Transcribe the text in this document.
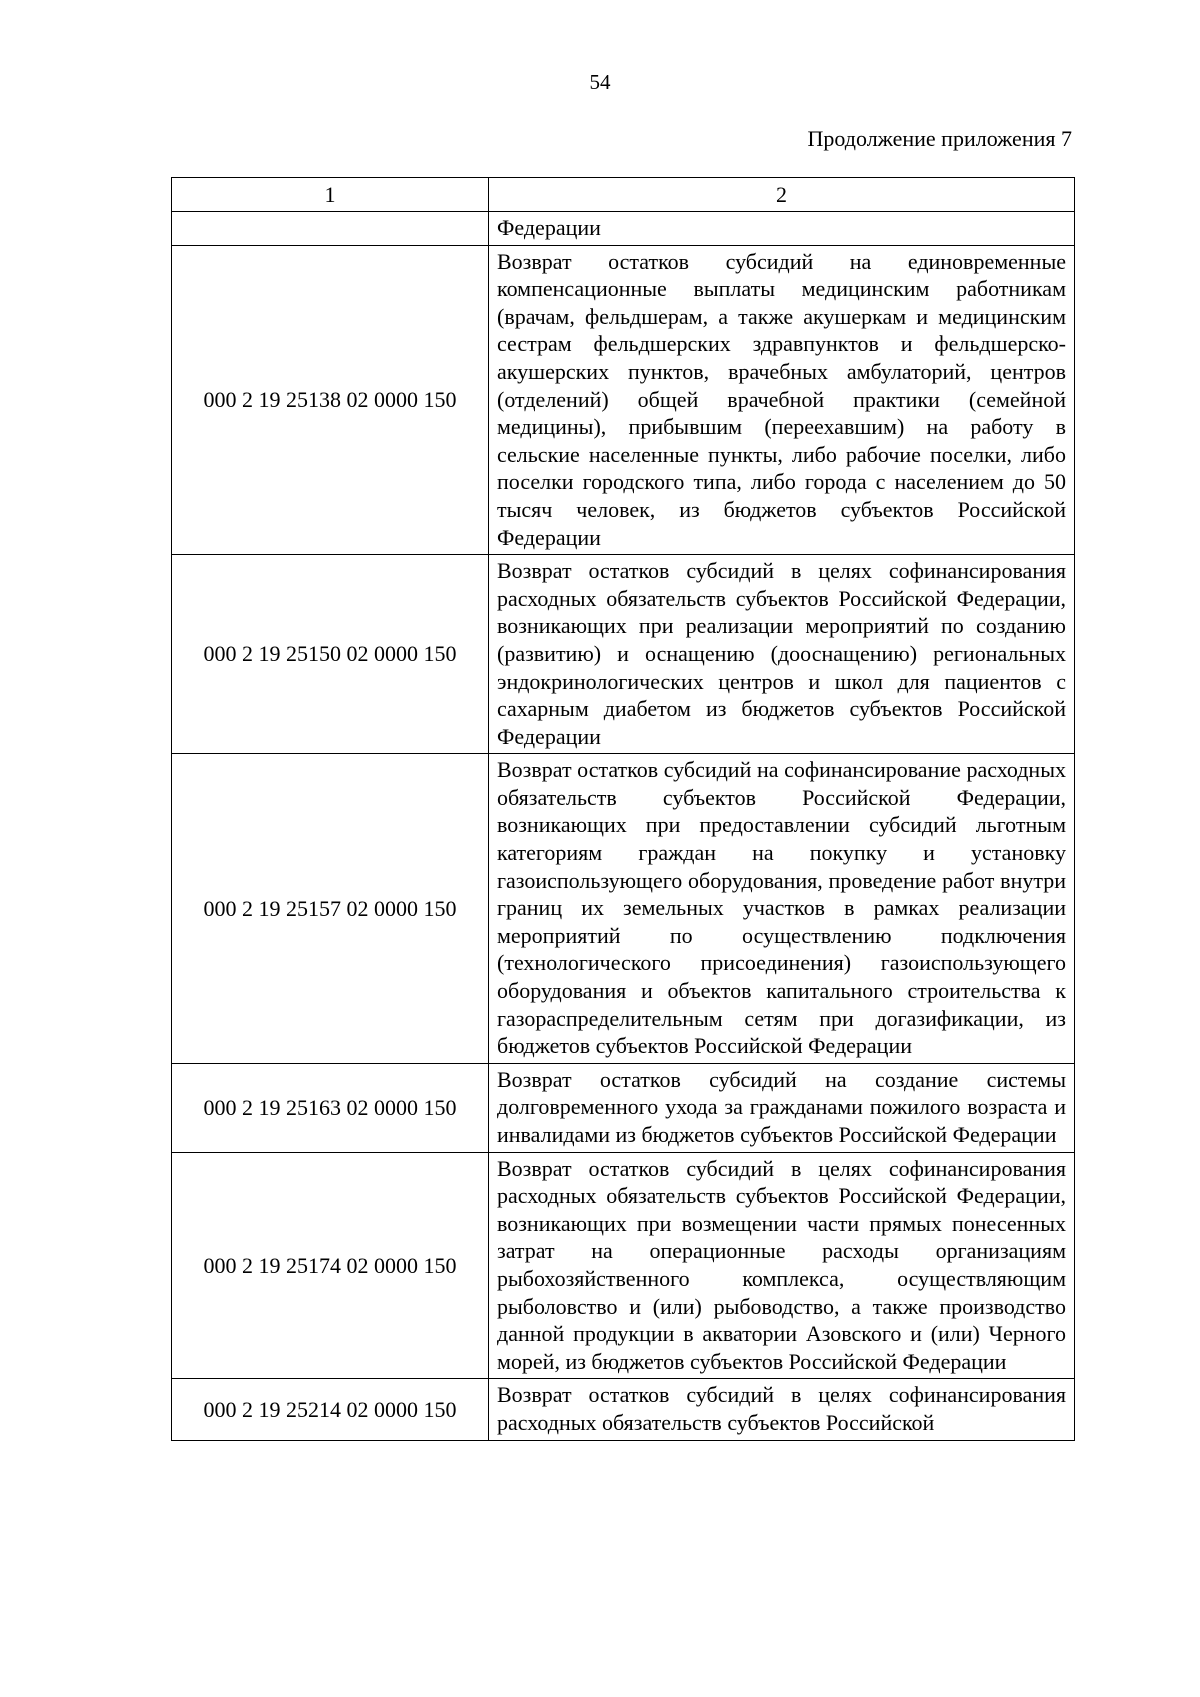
54
Продолжение приложения 7
1	2
	Федерации
000 2 19 25138 02 0000 150	Возврат остатков субсидий на единовременные компенсационные выплаты медицинским работникам (врачам, фельдшерам, а также акушеркам и медицинским сестрам фельдшерских здравпунктов и фельдшерско-акушерских пунктов, врачебных амбулаторий, центров (отделений) общей врачебной практики (семейной медицины), прибывшим (переехавшим) на работу в сельские населенные пункты, либо рабочие поселки, либо поселки городского типа, либо города с населением до 50 тысяч человек, из бюджетов субъектов Российской Федерации
000 2 19 25150 02 0000 150	Возврат остатков субсидий в целях софинансирования расходных обязательств субъектов Российской Федерации, возникающих при реализации мероприятий по созданию (развитию) и оснащению (дооснащению) региональных эндокринологических центров и школ для пациентов с сахарным диабетом из бюджетов субъектов Российской Федерации
000 2 19 25157 02 0000 150	Возврат остатков субсидий на софинансирование расходных обязательств субъектов Российской Федерации, возникающих при предоставлении субсидий льготным категориям граждан на покупку и установку газоиспользующего оборудования, проведение работ внутри границ их земельных участков в рамках реализации мероприятий по осуществлению подключения (технологического присоединения) газоиспользующего оборудования и объектов капитального строительства к газораспределительным сетям при догазификации, из бюджетов субъектов Российской Федерации
000 2 19 25163 02 0000 150	Возврат остатков субсидий на создание системы долговременного ухода за гражданами пожилого возраста и инвалидами из бюджетов субъектов Российской Федерации
000 2 19 25174 02 0000 150	Возврат остатков субсидий в целях софинансирования расходных обязательств субъектов Российской Федерации, возникающих при возмещении части прямых понесенных затрат на операционные расходы организациям рыбохозяйственного комплекса, осуществляющим рыболовство и (или) рыбоводство, а также производство данной продукции в акватории Азовского и (или) Черного морей, из бюджетов субъектов Российской Федерации
000 2 19 25214 02 0000 150	Возврат остатков субсидий в целях софинансирования расходных обязательств субъектов Российской
